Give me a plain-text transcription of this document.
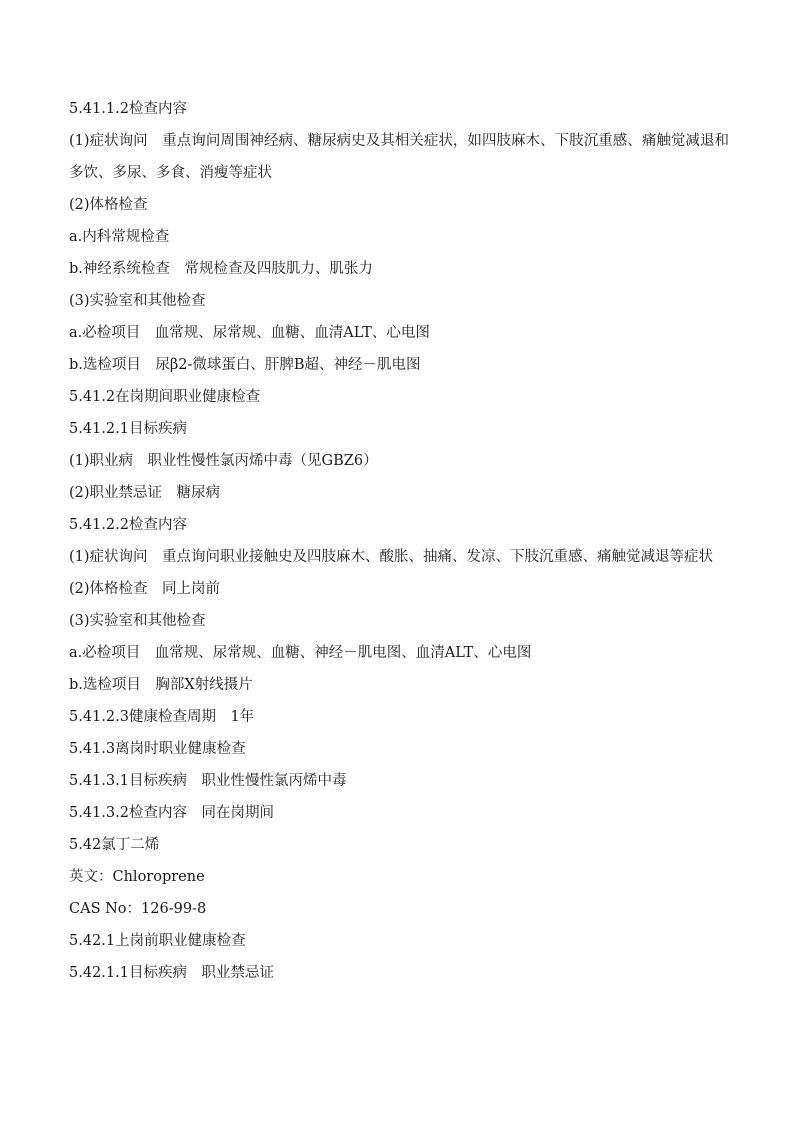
5.41.1.2检查内容

(1)症状询问　重点询问周围神经病、糖尿病史及其相关症状，如四肢麻木、下肢沉重感、痛触觉减退和多饮、多尿、多食、消瘦等症状

(2)体格检查

a.内科常规检查

b.神经系统检查　常规检查及四肢肌力、肌张力

(3)实验室和其他检查

a.必检项目　血常规、尿常规、血糖、血清ALT、心电图

b.选检项目　尿β2-微球蛋白、肝脾B超、神经－肌电图

5.41.2在岗期间职业健康检查

5.41.2.1目标疾病

(1)职业病　职业性慢性氯丙烯中毒（见GBZ6）

(2)职业禁忌证　糖尿病

5.41.2.2检查内容

(1)症状询问　重点询问职业接触史及四肢麻木、酸胀、抽痛、发凉、下肢沉重感、痛触觉减退等症状

(2)体格检查　同上岗前

(3)实验室和其他检查

a.必检项目　血常规、尿常规、血糖、神经－肌电图、血清ALT、心电图

b.选检项目　胸部X射线摄片

5.41.2.3健康检查周期　1年

5.41.3离岗时职业健康检查

5.41.3.1目标疾病　职业性慢性氯丙烯中毒

5.41.3.2检查内容　同在岗期间

5.42氯丁二烯

英文：Chloroprene

CAS No：126-99-8

5.42.1上岗前职业健康检查

5.42.1.1目标疾病　职业禁忌证
